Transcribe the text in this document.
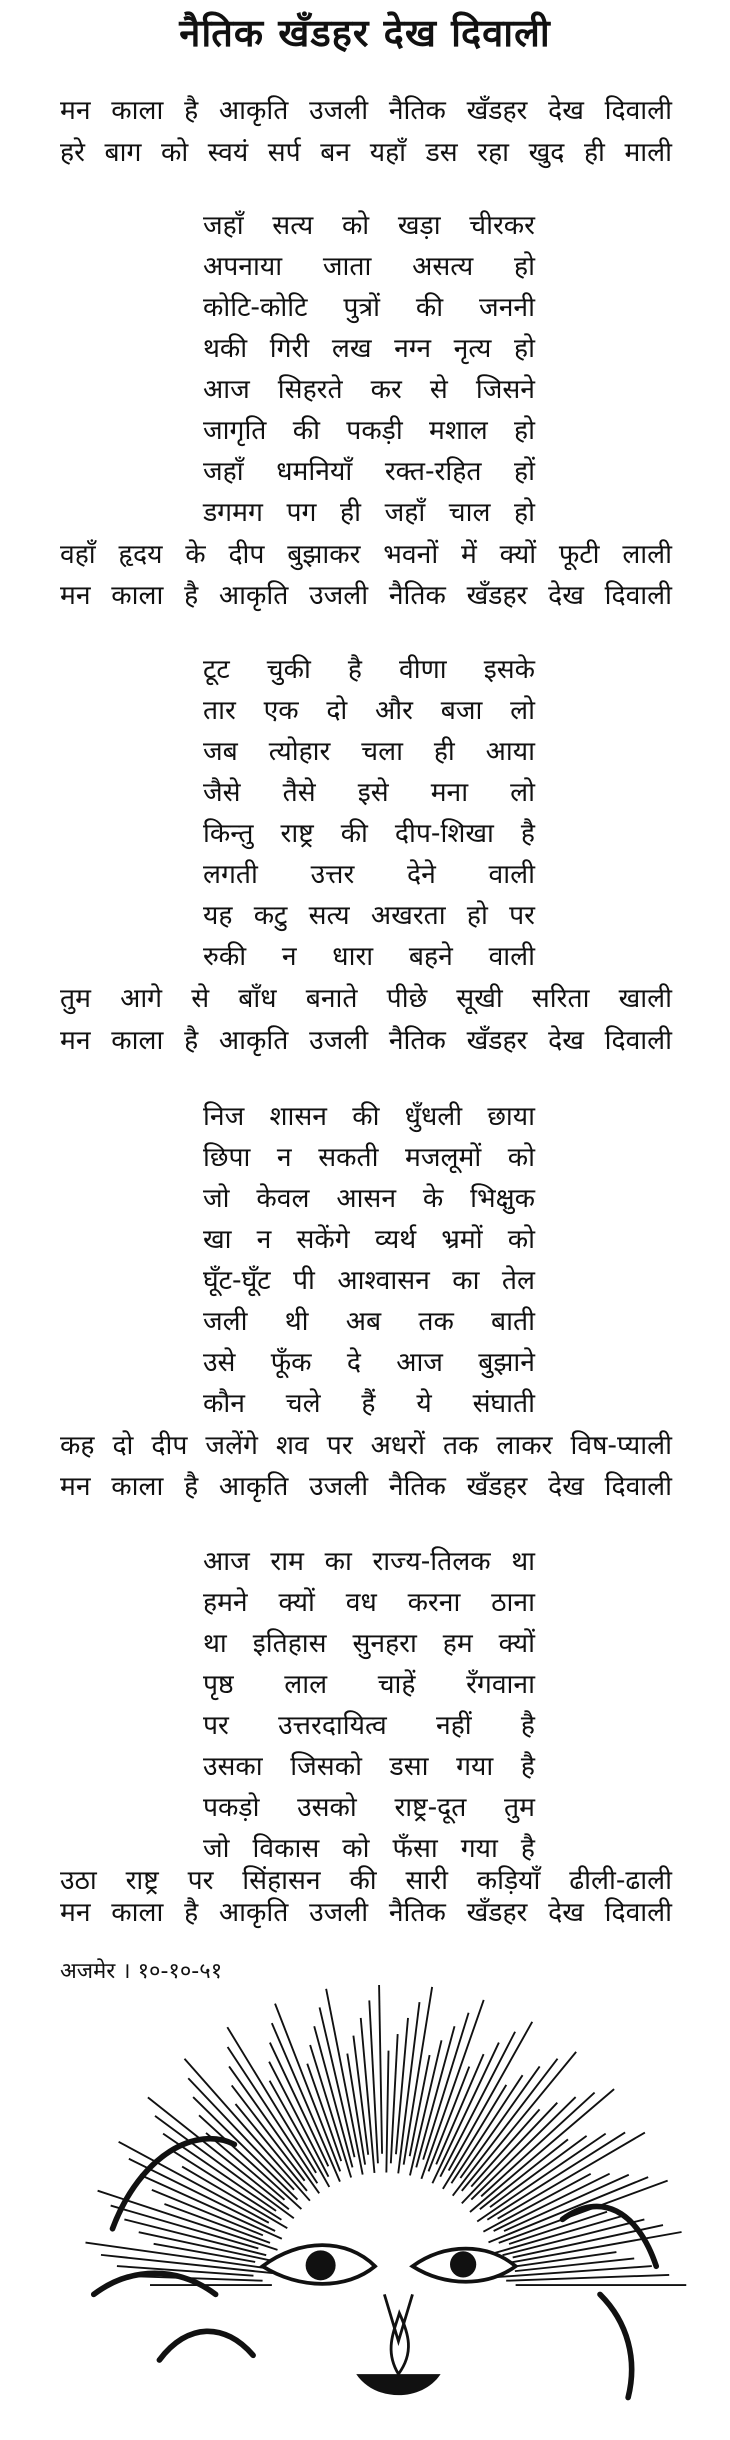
नैतिक खँडहर देख दिवाली
मन काला है आकृति उजली नैतिक खँडहर देख दिवाली
हरे बाग को स्वयं सर्प बन यहाँ डस रहा खुद ही माली
जहाँ सत्य को खड़ा चीरकर
अपनाया जाता असत्य हो
कोटि-कोटि पुत्रों की जननी
थकी गिरी लख नग्न नृत्य हो
आज सिहरते कर से जिसने
जागृति की पकड़ी मशाल हो
जहाँ धमनियाँ रक्त-रहित हों
डगमग पग ही जहाँ चाल हो
वहाँ हृदय के दीप बुझाकर भवनों में क्यों फूटी लाली
मन काला है आकृति उजली नैतिक खँडहर देख दिवाली
टूट चुकी है वीणा इसके
तार एक दो और बजा लो
जब त्योहार चला ही आया
जैसे तैसे इसे मना लो
किन्तु राष्ट्र की दीप-शिखा है
लगती उत्तर देने वाली
यह कटु सत्य अखरता हो पर
रुकी न धारा बहने वाली
तुम आगे से बाँध बनाते पीछे सूखी सरिता खाली
मन काला है आकृति उजली नैतिक खँडहर देख दिवाली
निज शासन की धुँधली छाया
छिपा न सकती मजलूमों को
जो केवल आसन के भिक्षुक
खा न सकेंगे व्यर्थ भ्रमों को
घूँट-घूँट पी आश्वासन का तेल
जली थी अब तक बाती
उसे फूँक दे आज बुझाने
कौन चले हैं ये संघाती
कह दो दीप जलेंगे शव पर अधरों तक लाकर विष-प्याली
मन काला है आकृति उजली नैतिक खँडहर देख दिवाली
आज राम का राज्य-तिलक था
हमने क्यों वध करना ठाना
था इतिहास सुनहरा हम क्यों
पृष्ठ लाल चाहें रँगवाना
पर उत्तरदायित्व नहीं है
उसका जिसको डसा गया है
पकड़ो उसको राष्ट्र-दूत तुम
जो विकास को फँसा गया है
उठा राष्ट्र पर सिंहासन की सारी कड़ियाँ ढीली-ढाली
मन काला है आकृति उजली नैतिक खँडहर देख दिवाली
अजमेर । १०-१०-५१
